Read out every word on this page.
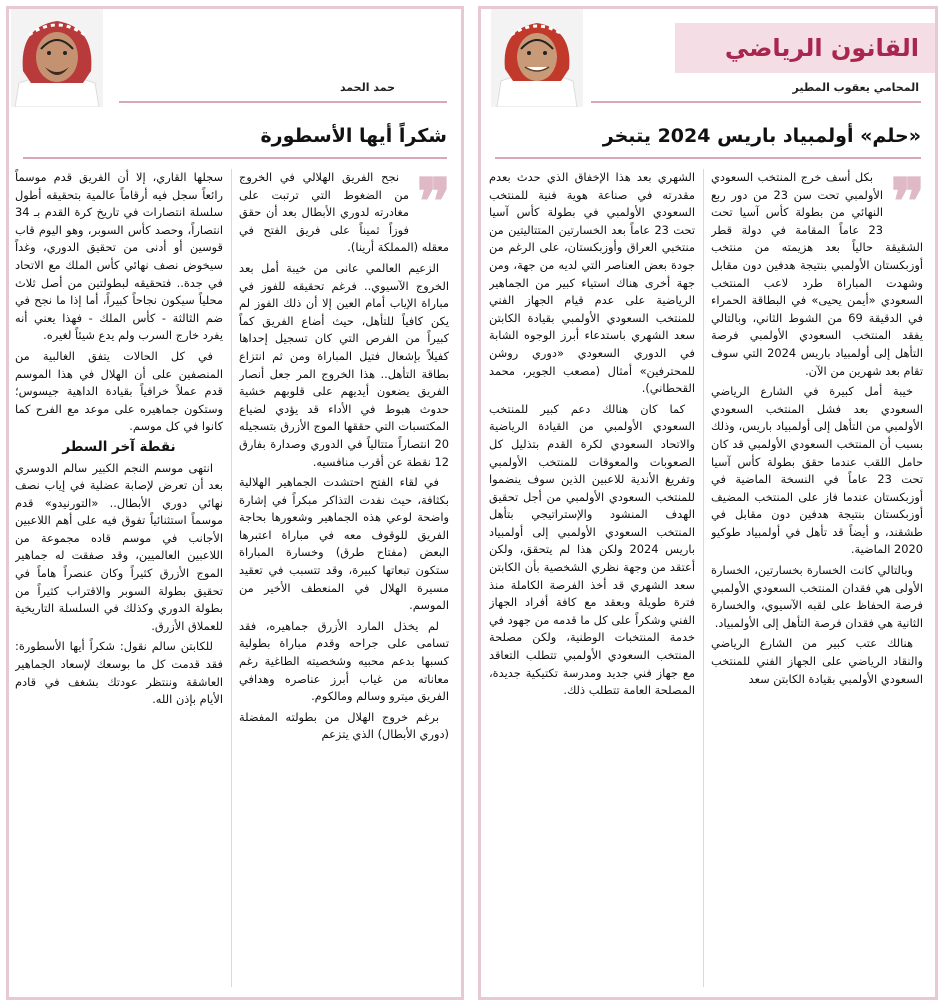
القانون الرياضي
المحامي يعقوب المطير
«حلم» أولمبياد باريس 2024 يتبخر
❞

بكل أسف خرج المنتخب السعودي الأولمبي تحت سن 23 من دور ربع النهائي من بطولة كأس آسيا تحت 23 عاماً المقامة في دولة قطر الشقيقة حالياً بعد هزيمته من منتخب أوزبكستان الأولمبي بنتيجة هدفين دون مقابل وشهدت المباراة طرد لاعب المنتخب السعودي «أيمن يحيى» في البطاقة الحمراء في الدقيقة 69 من الشوط الثاني، وبالتالي يفقد المنتخب السعودي الأولمبي فرصة التأهل إلى أولمبياد باريس 2024 التي سوف تقام بعد شهرين من الآن.

خيبة أمل كبيرة في الشارع الرياضي السعودي بعد فشل المنتخب السعودي الأولمبي من التأهل إلى أولمبياد باريس، وذلك بسبب أن المنتخب السعودي الأولمبي قد كان حامل اللقب عندما حقق بطولة كأس آسيا تحت 23 عاماً في النسخة الماضية في أوزبكستان عندما فاز على المنتخب المضيف أوزبكستان بنتيجة هدفين دون مقابل في طشقند، و أيضاً قد تأهل في أولمبياد طوكيو 2020 الماضية.

وبالتالي كانت الخسارة بخسارتين، الخسارة الأولى هي فقدان المنتخب السعودي الأولمبي فرصة الحفاظ على لقبه الآسيوي، والخسارة الثانية هي فقدان فرصة التأهل إلى الأولمبياد.

هنالك عتب كبير من الشارع الرياضي والنقاد الرياضي على الجهاز الفني للمنتخب السعودي الأولمبي بقيادة الكابتن سعد

الشهري بعد هذا الإخفاق الذي حدث بعدم مقدرته في صناعة هوية فنية للمنتخب السعودي الأولمبي في بطولة كأس آسيا تحت 23 عاماً بعد الخسارتين المتتاليتين من منتخبي العراق وأوزبكستان، على الرغم من جودة بعض العناصر التي لديه من جهة، ومن جهة أخرى هناك استياء كبير من الجماهير الرياضية على عدم قيام الجهاز الفني للمنتخب السعودي الأولمبي بقيادة الكابتن سعد الشهري باستدعاء أبرز الوجوه الشابة في الدوري السعودي «دوري روشن للمحترفين» أمثال (مصعب الجوير، محمد القحطاني).

كما كان هنالك دعم كبير للمنتخب السعودي الأولمبي من القيادة الرياضية والاتحاد السعودي لكرة القدم بتذليل كل الصعوبات والمعوقات للمنتخب الأولمبي وتفريغ الأندية للاعبين الذين سوف ينضموا للمنتخب السعودي الأولمبي من أجل تحقيق الهدف المنشود والإستراتيجي بتأهل المنتخب السعودي الأولمبي إلى أولمبياد باريس 2024 ولكن هذا لم يتحقق، ولكن أعتقد من وجهة نظري الشخصية بأن الكابتن سعد الشهري قد أخذ الفرصة الكاملة منذ فترة طويلة وبعقد مع كافة أفراد الجهاز الفني وشكراً على كل ما قدمه من جهود في خدمة المنتخبات الوطنية، ولكن مصلحة المنتخب السعودي الأولمبي تتطلب التعاقد مع جهاز فني جديد ومدرسة تكتيكية جديدة، المصلحة العامة تتطلب ذلك.

حمد الحمد
شكراً أيها الأسطورة
❞

نجح الفريق الهلالي في الخروج من الضغوط التي ترتبت على مغادرته لدوري الأبطال بعد أن حقق فوزاً ثميناً على فريق الفتح في معقله (المملكة أرينا).

الزعيم العالمي عانى من خيبة أمل بعد الخروج الآسيوي.. فرغم تحقيقه للفوز في مباراة الإياب أمام العين إلا أن ذلك الفوز لم يكن كافياً للتأهل، حيث أضاع الفريق كماً كبيراً من الفرص التي كان تسجيل إحداها كفيلاً بإشعال فتيل المباراة ومن ثم انتزاع بطاقة التأهل.. هذا الخروج المر جعل أنصار الفريق يضعون أيديهم على قلوبهم خشية حدوث هبوط في الأداء قد يؤدي لضياع المكتسبات التي حققها الموج الأزرق بتسجيله 20 انتصاراً متتالياً في الدوري وصدارة بفارق 12 نقطة عن أقرب منافسيه.

في لقاء الفتح احتشدت الجماهير الهلالية بكثافة، حيث نفدت التذاكر مبكراً في إشارة واضحة لوعي هذه الجماهير وشعورها بحاجة الفريق للوقوف معه في مباراة اعتبرها البعض (مفتاح طرق) وخسارة المباراة ستكون تبعاتها كبيرة، وقد تتسبب في تعقيد مسيرة الهلال في المنعطف الأخير من الموسم.

لم يخذل المارد الأزرق جماهيره، فقد تسامى على جراحه وقدم مباراة بطولية كسبها بدعم محبيه وشخصيته الطاغية رغم معاناته من غياب أبرز عناصره وهدافي الفريق ميترو وسالم ومالكوم.

برغم خروج الهلال من بطولته المفضلة (دوري الأبطال) الذي يتزعم

سجلها القاري، إلا أن الفريق قدم موسماً رائعاً سجل فيه أرقاماً عالمية بتحقيقه أطول سلسلة انتصارات في تاريخ كرة القدم بـ 34 انتصاراً، وحصد كأس السوبر، وهو اليوم قاب قوسين أو أدنى من تحقيق الدوري، وغداً سيخوض نصف نهائي كأس الملك مع الاتحاد في جدة.. فتحقيقه لبطولتين من أصل ثلاث محلياً سيكون نجاحاً كبيراً، أما إذا ما نجح في ضم الثالثة - كأس الملك - فهذا يعني أنه يفرد خارج السرب ولم يدع شيئاً لغيره.

في كل الحالات يتفق الغالبية من المنصفين على أن الهلال في هذا الموسم قدم عملاً خرافياً بقيادة الداهية جيسوس؛ وستكون جماهيره على موعد مع الفرح كما كانوا في كل موسم.

نقطة آخر السطر

انتهى موسم النجم الكبير سالم الدوسري بعد أن تعرض لإصابة عضلية في إياب نصف نهائي دوري الأبطال.. «التورنيدو» قدم موسماً استثنائياً تفوق فيه على أهم اللاعبين الأجانب في موسم قاده مجموعة من اللاعبين العالميين، وقد صفقت له جماهير الموج الأزرق كثيراً وكان عنصراً هاماً في تحقيق بطولة السوبر والاقتراب كثيراً من بطولة الدوري وكذلك في السلسلة التاريخية للعملاق الأزرق.

للكابتن سالم نقول: شكراً أيها الأسطورة: فقد قدمت كل ما بوسعك لإسعاد الجماهير العاشقة وننتظر عودتك بشغف في قادم الأيام بإذن الله.
